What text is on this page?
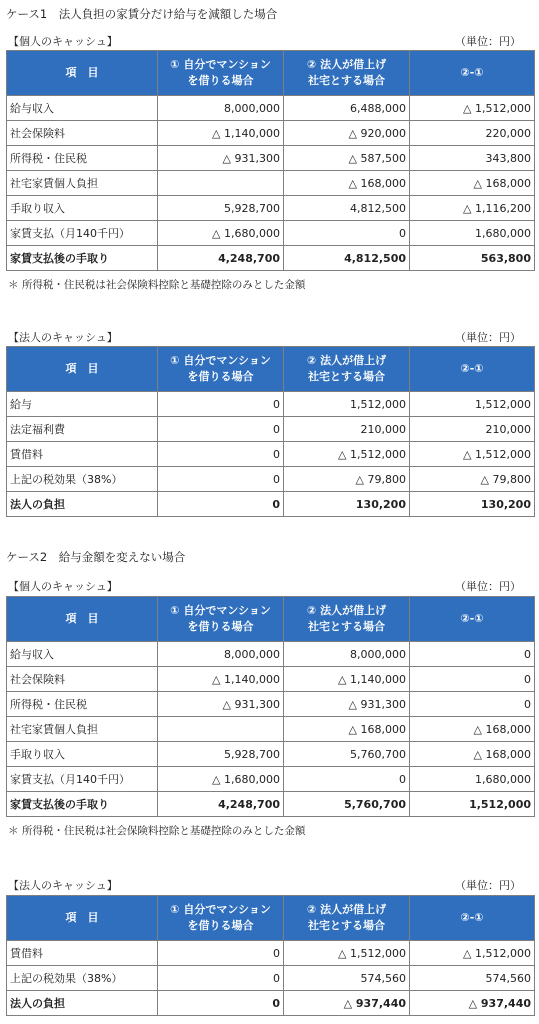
ケース1　法人負担の家賃分だけ給与を減額した場合
【個人のキャッシュ】	（単位：円）
項　目	① 自分でマンション
を借りる場合	② 法人が借上げ
社宅とする場合	②-①
給与収入	8,000,000	6,488,000	△ 1,512,000
社会保険料	△ 1,140,000	△ 920,000	220,000
所得税・住民税	△ 931,300	△ 587,500	343,800
社宅家賃個人負担		△ 168,000	△ 168,000
手取り収入	5,928,700	4,812,500	△ 1,116,200
家賃支払（月140千円）	△ 1,680,000	0	1,680,000
家賃支払後の手取り	4,248,700	4,812,500	563,800
＊ 所得税・住民税は社会保険料控除と基礎控除のみとした金額
【法人のキャッシュ】	（単位：円）
項　目	① 自分でマンション
を借りる場合	② 法人が借上げ
社宅とする場合	②-①
給与	0	1,512,000	1,512,000
法定福利費	0	210,000	210,000
賃借料	0	△ 1,512,000	△ 1,512,000
上記の税効果（38%）	0	△ 79,800	△ 79,800
法人の負担	0	130,200	130,200
ケース2　給与金額を変えない場合
【個人のキャッシュ】	（単位：円）
項　目	① 自分でマンション
を借りる場合	② 法人が借上げ
社宅とする場合	②-①
給与収入	8,000,000	8,000,000	0
社会保険料	△ 1,140,000	△ 1,140,000	0
所得税・住民税	△ 931,300	△ 931,300	0
社宅家賃個人負担		△ 168,000	△ 168,000
手取り収入	5,928,700	5,760,700	△ 168,000
家賃支払（月140千円）	△ 1,680,000	0	1,680,000
家賃支払後の手取り	4,248,700	5,760,700	1,512,000
＊ 所得税・住民税は社会保険料控除と基礎控除のみとした金額
【法人のキャッシュ】	（単位：円）
項　目	① 自分でマンション
を借りる場合	② 法人が借上げ
社宅とする場合	②-①
賃借料	0	△ 1,512,000	△ 1,512,000
上記の税効果（38%）	0	574,560	574,560
法人の負担	0	△ 937,440	△ 937,440
